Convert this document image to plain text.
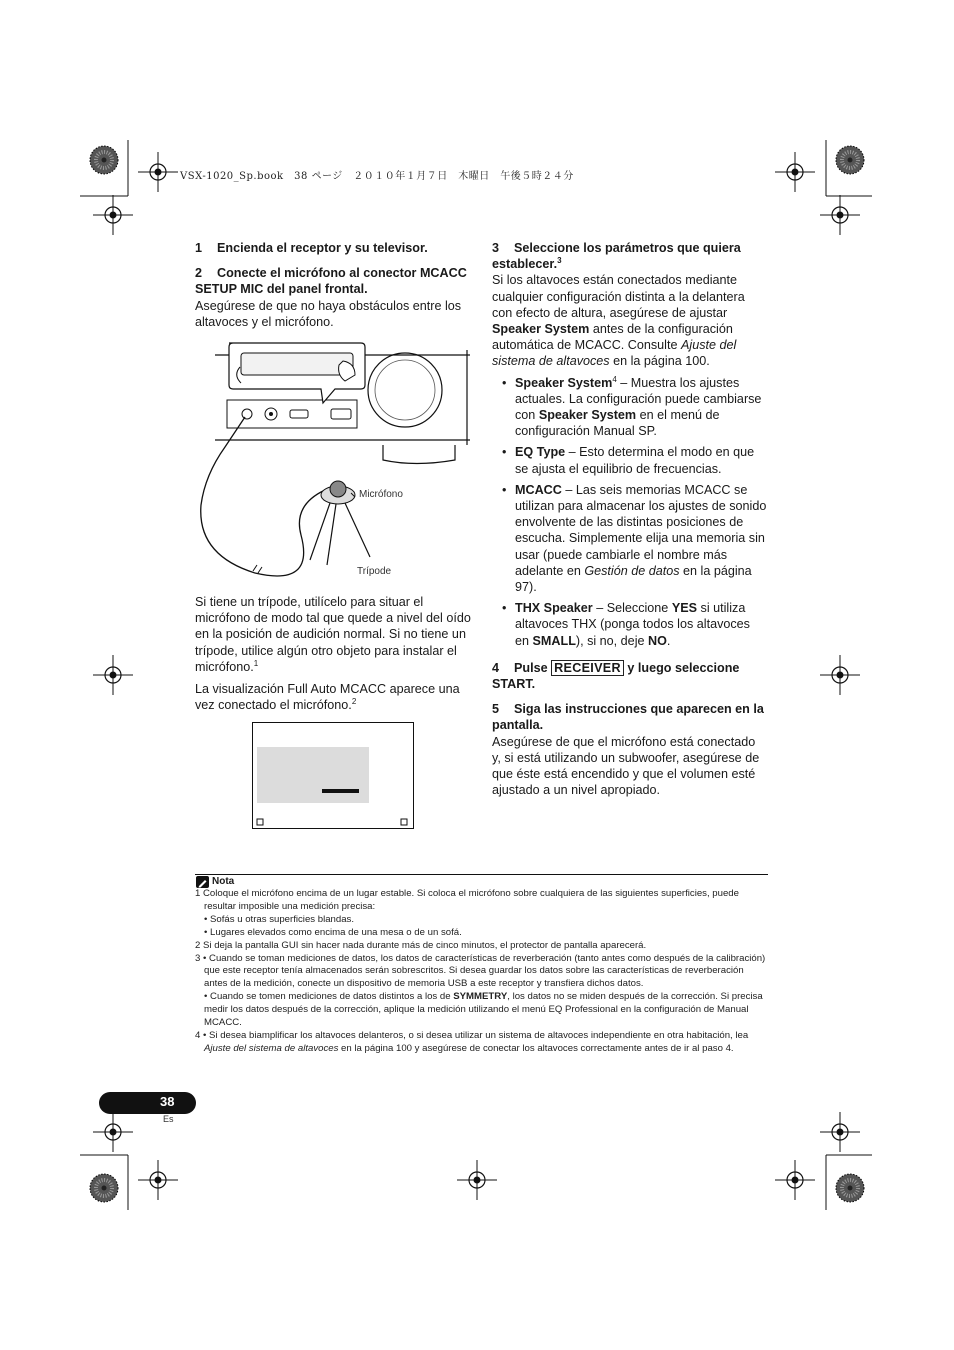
VSX-1020_Sp.book　38 ページ　２０１０年１月７日　木曜日　午後５時２４分

1 Encienda el receptor y su televisor.

2 Conecte el micrófono al conector MCACC SETUP MIC del panel frontal.

Asegúrese de que no haya obstáculos entre los altavoces y el micrófono.

Micrófono
Trípode

Si tiene un trípode, utilícelo para situar el micrófono de modo tal que quede a nivel del oído en la posición de audición normal. Si no tiene un trípode, utilice algún otro objeto para instalar el micrófono.$^1$

La visualización Full Auto MCACC aparece una vez conectado el micrófono.$^2$

3 Seleccione los parámetros que quiera establecer.$^3$

Si los altavoces están conectados mediante cualquier configuración distinta a la delantera con efecto de altura, asegúrese de ajustar Speaker System antes de la configuración automática de MCACC. Consulte Ajuste del sistema de altavoces en la página 100.

• Speaker System$^4$ – Muestra los ajustes actuales. La configuración puede cambiarse con Speaker System en el menú de configuración Manual SP.

• EQ Type – Esto determina el modo en que se ajusta el equilibrio de frecuencias.

• MCACC – Las seis memorias MCACC se utilizan para almacenar los ajustes de sonido envolvente de las distintas posiciones de escucha. Simplemente elija una memoria sin usar (puede cambiarle el nombre más adelante en Gestión de datos en la página 97).

• THX Speaker – Seleccione YES si utiliza altavoces THX (ponga todos los altavoces en SMALL), si no, deje NO.

4 Pulse RECEIVER y luego seleccione START.

5 Siga las instrucciones que aparecen en la pantalla.

Asegúrese de que el micrófono está conectado y, si está utilizando un subwoofer, asegúrese de que éste está encendido y que el volumen esté ajustado a un nivel apropiado.

Nota

1 Coloque el micrófono encima de un lugar estable. Si coloca el micrófono sobre cualquiera de las siguientes superficies, puede resultar imposible una medición precisa:

• Sofás u otras superficies blandas.

• Lugares elevados como encima de una mesa o de un sofá.

2 Si deja la pantalla GUI sin hacer nada durante más de cinco minutos, el protector de pantalla aparecerá.

3 • Cuando se toman mediciones de datos, los datos de características de reverberación (tanto antes como después de la calibración) que este receptor tenía almacenados serán sobrescritos. Si desea guardar los datos sobre las características de reverberación antes de la medición, conecte un dispositivo de memoria USB a este receptor y transfiera dichos datos.

• Cuando se tomen mediciones de datos distintos a los de SYMMETRY, los datos no se miden después de la corrección. Si precisa medir los datos después de la corrección, aplique la medición utilizando el menú EQ Professional en la configuración de Manual MCACC.

4 • Si desea biamplificar los altavoces delanteros, o si desea utilizar un sistema de altavoces independiente en otra habitación, lea Ajuste del sistema de altavoces en la página 100 y asegúrese de conectar los altavoces correctamente antes de ir al paso 4.

38
Es
